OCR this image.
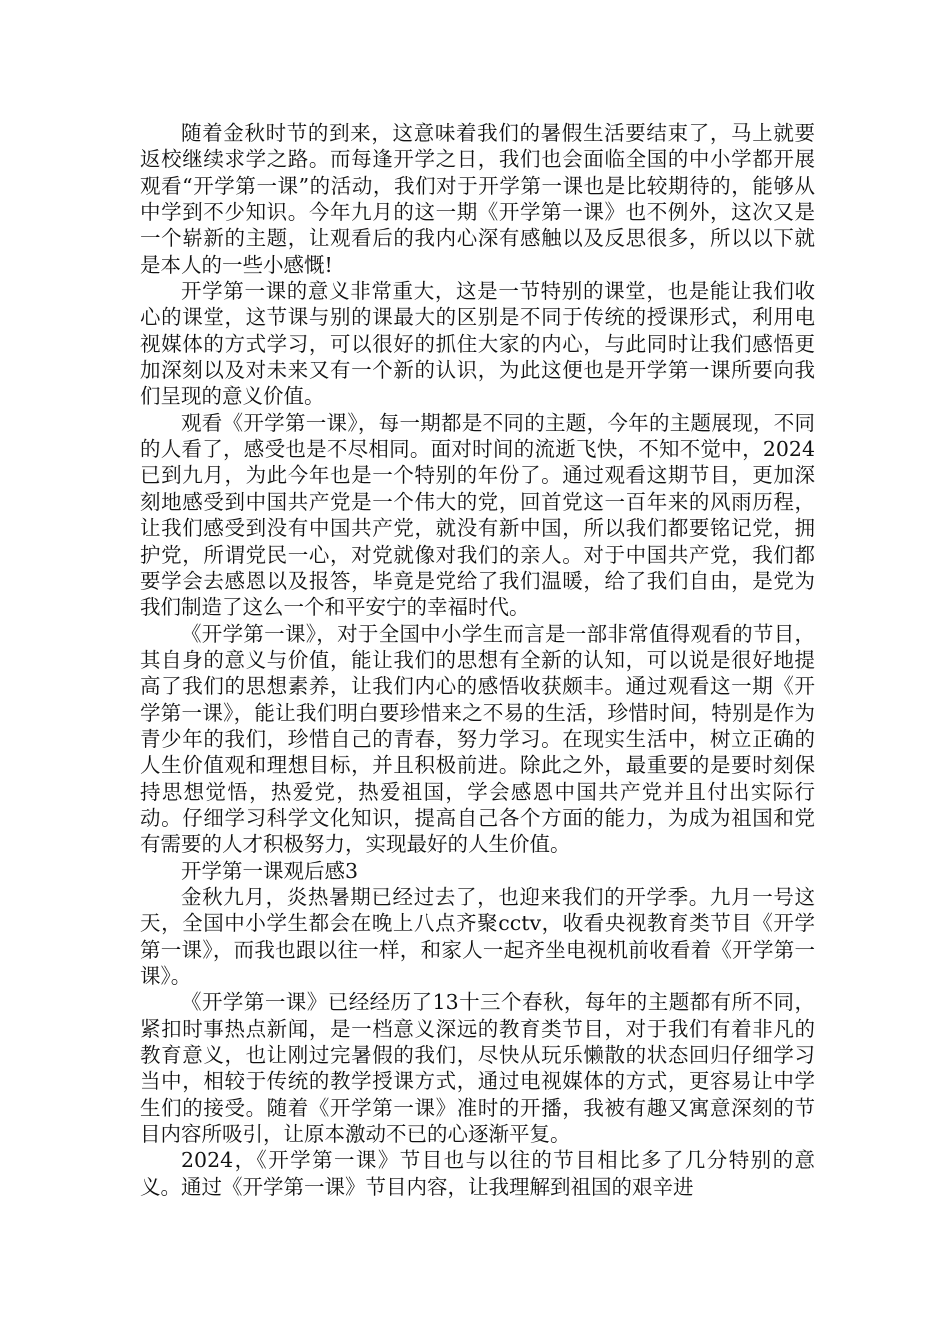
随着金秋时节的到来，这意味着我们的暑假生活要结束了，马上就要返校继续求学之路。而每逢开学之日，我们也会面临全国的中小学都开展观看“开学第一课”的活动，我们对于开学第一课也是比较期待的，能够从中学到不少知识。今年九月的这一期《开学第一课》也不例外，这次又是一个崭新的主题，让观看后的我内心深有感触以及反思很多，所以以下就是本人的一些小感慨!

开学第一课的意义非常重大，这是一节特别的课堂，也是能让我们收心的课堂，这节课与别的课最大的区别是不同于传统的授课形式，利用电视媒体的方式学习，可以很好的抓住大家的内心，与此同时让我们感悟更加深刻以及对未来又有一个新的认识，为此这便也是开学第一课所要向我们呈现的意义价值。

观看《开学第一课》，每一期都是不同的主题，今年的主题展现，不同的人看了，感受也是不尽相同。面对时间的流逝飞快，不知不觉中，2024已到九月，为此今年也是一个特别的年份了。通过观看这期节目，更加深刻地感受到中国共产党是一个伟大的党，回首党这一百年来的风雨历程，让我们感受到没有中国共产党，就没有新中国，所以我们都要铭记党，拥护党，所谓党民一心，对党就像对我们的亲人。对于中国共产党，我们都要学会去感恩以及报答，毕竟是党给了我们温暖，给了我们自由，是党为我们制造了这么一个和平安宁的幸福时代。

《开学第一课》，对于全国中小学生而言是一部非常值得观看的节目，其自身的意义与价值，能让我们的思想有全新的认知，可以说是很好地提高了我们的思想素养，让我们内心的感悟收获颇丰。通过观看这一期《开学第一课》，能让我们明白要珍惜来之不易的生活，珍惜时间，特别是作为青少年的我们，珍惜自己的青春，努力学习。在现实生活中，树立正确的人生价值观和理想目标，并且积极前进。除此之外，最重要的是要时刻保持思想觉悟，热爱党，热爱祖国，学会感恩中国共产党并且付出实际行动。仔细学习科学文化知识，提高自己各个方面的能力，为成为祖国和党有需要的人才积极努力，实现最好的人生价值。

开学第一课观后感3

金秋九月，炎热暑期已经过去了，也迎来我们的开学季。九月一号这天，全国中小学生都会在晚上八点齐聚cctv，收看央视教育类节目《开学第一课》，而我也跟以往一样，和家人一起齐坐电视机前收看着《开学第一课》。

《开学第一课》已经经历了13十三个春秋，每年的主题都有所不同，紧扣时事热点新闻，是一档意义深远的教育类节目，对于我们有着非凡的教育意义，也让刚过完暑假的我们，尽快从玩乐懒散的状态回归仔细学习当中，相较于传统的教学授课方式，通过电视媒体的方式，更容易让中学生们的接受。随着《开学第一课》准时的开播，我被有趣又寓意深刻的节目内容所吸引，让原本激动不已的心逐渐平复。

2024，《开学第一课》节目也与以往的节目相比多了几分特别的意义。通过《开学第一课》节目内容，让我理解到祖国的艰辛进
